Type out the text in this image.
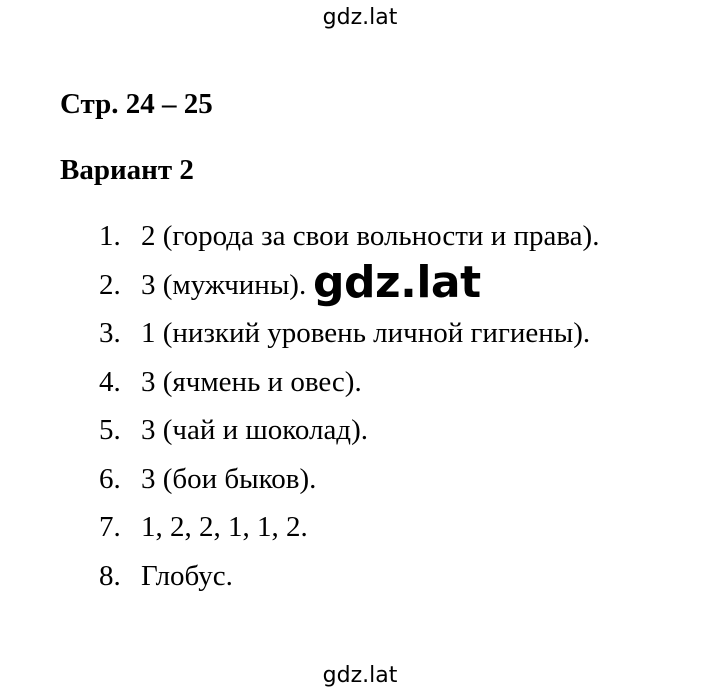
gdz.lat
Стр. 24 – 25
Вариант 2
1. 2 (города за свои вольности и права).
2. 3 (мужчины).
3. 1 (низкий уровень личной гигиены).
4. 3 (ячмень и овес).
5. 3 (чай и шоколад).
6. 3 (бои быков).
7. 1, 2, 2, 1, 1, 2.
8. Глобус.
gdz.lat
gdz.lat
